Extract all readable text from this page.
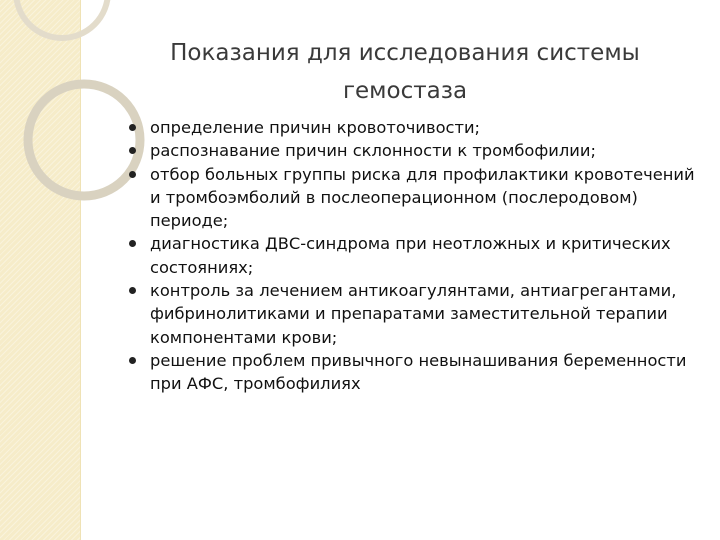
Показания для исследования системы гемостаза
определение причин кровоточивости;
распознавание причин склонности к тромбофилии;
отбор больных группы риска для профилактики кровотечений и тромбоэмболий в послеоперационном (послеродовом) периоде;
диагностика ДВС-синдрома при неотложных и критических состояниях;
контроль за лечением антикоагулянтами, антиагрегантами, фибринолитиками и препаратами заместительной терапии компонентами крови;
решение проблем привычного невынашивания беременности при АФС, тромбофилиях
